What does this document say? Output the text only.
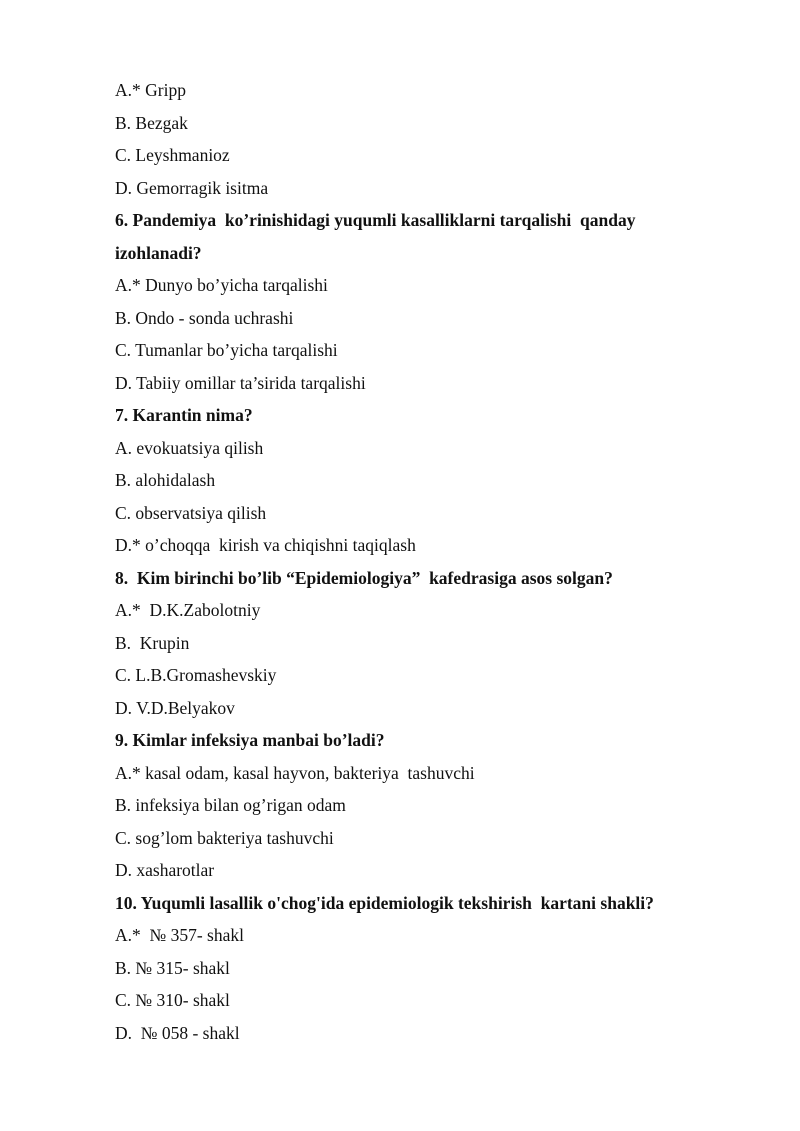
A.* Gripp

B. Bezgak

C. Leyshmanioz

D. Gemorragik isitma

6. Pandemiya  ko’rinishidagi yuqumli kasalliklarni tarqalishi  qanday izohlanadi?

A.* Dunyo bo’yicha tarqalishi

B. Ondo - sonda uchrashi

C. Tumanlar bo’yicha tarqalishi

D. Tabiiy omillar ta’sirida tarqalishi

7. Karantin nima?

A. evokuatsiya qilish

B. alohidalash

C. observatsiya qilish

D.* o’choqqa  kirish va chiqishni taqiqlash

8.  Kim birinchi bo’lib “Epidemiologiya”  kafedrasiga asos solgan?

A.*  D.K.Zabolotniy

B.  Krupin

C. L.B.Gromashevskiy

D. V.D.Belyakov

9. Kimlar infeksiya manbai bo’ladi?

A.* kasal odam, kasal hayvon, bakteriya  tashuvchi

B. infeksiya bilan og’rigan odam

C. sog’lom bakteriya tashuvchi

D. xasharotlar

10. Yuqumli lasallik o'chog'ida epidemiologik tekshirish  kartani shakli?

A.*  № 357- shakl

B. № 315- shakl

C. № 310- shakl

D.  № 058 - shakl
